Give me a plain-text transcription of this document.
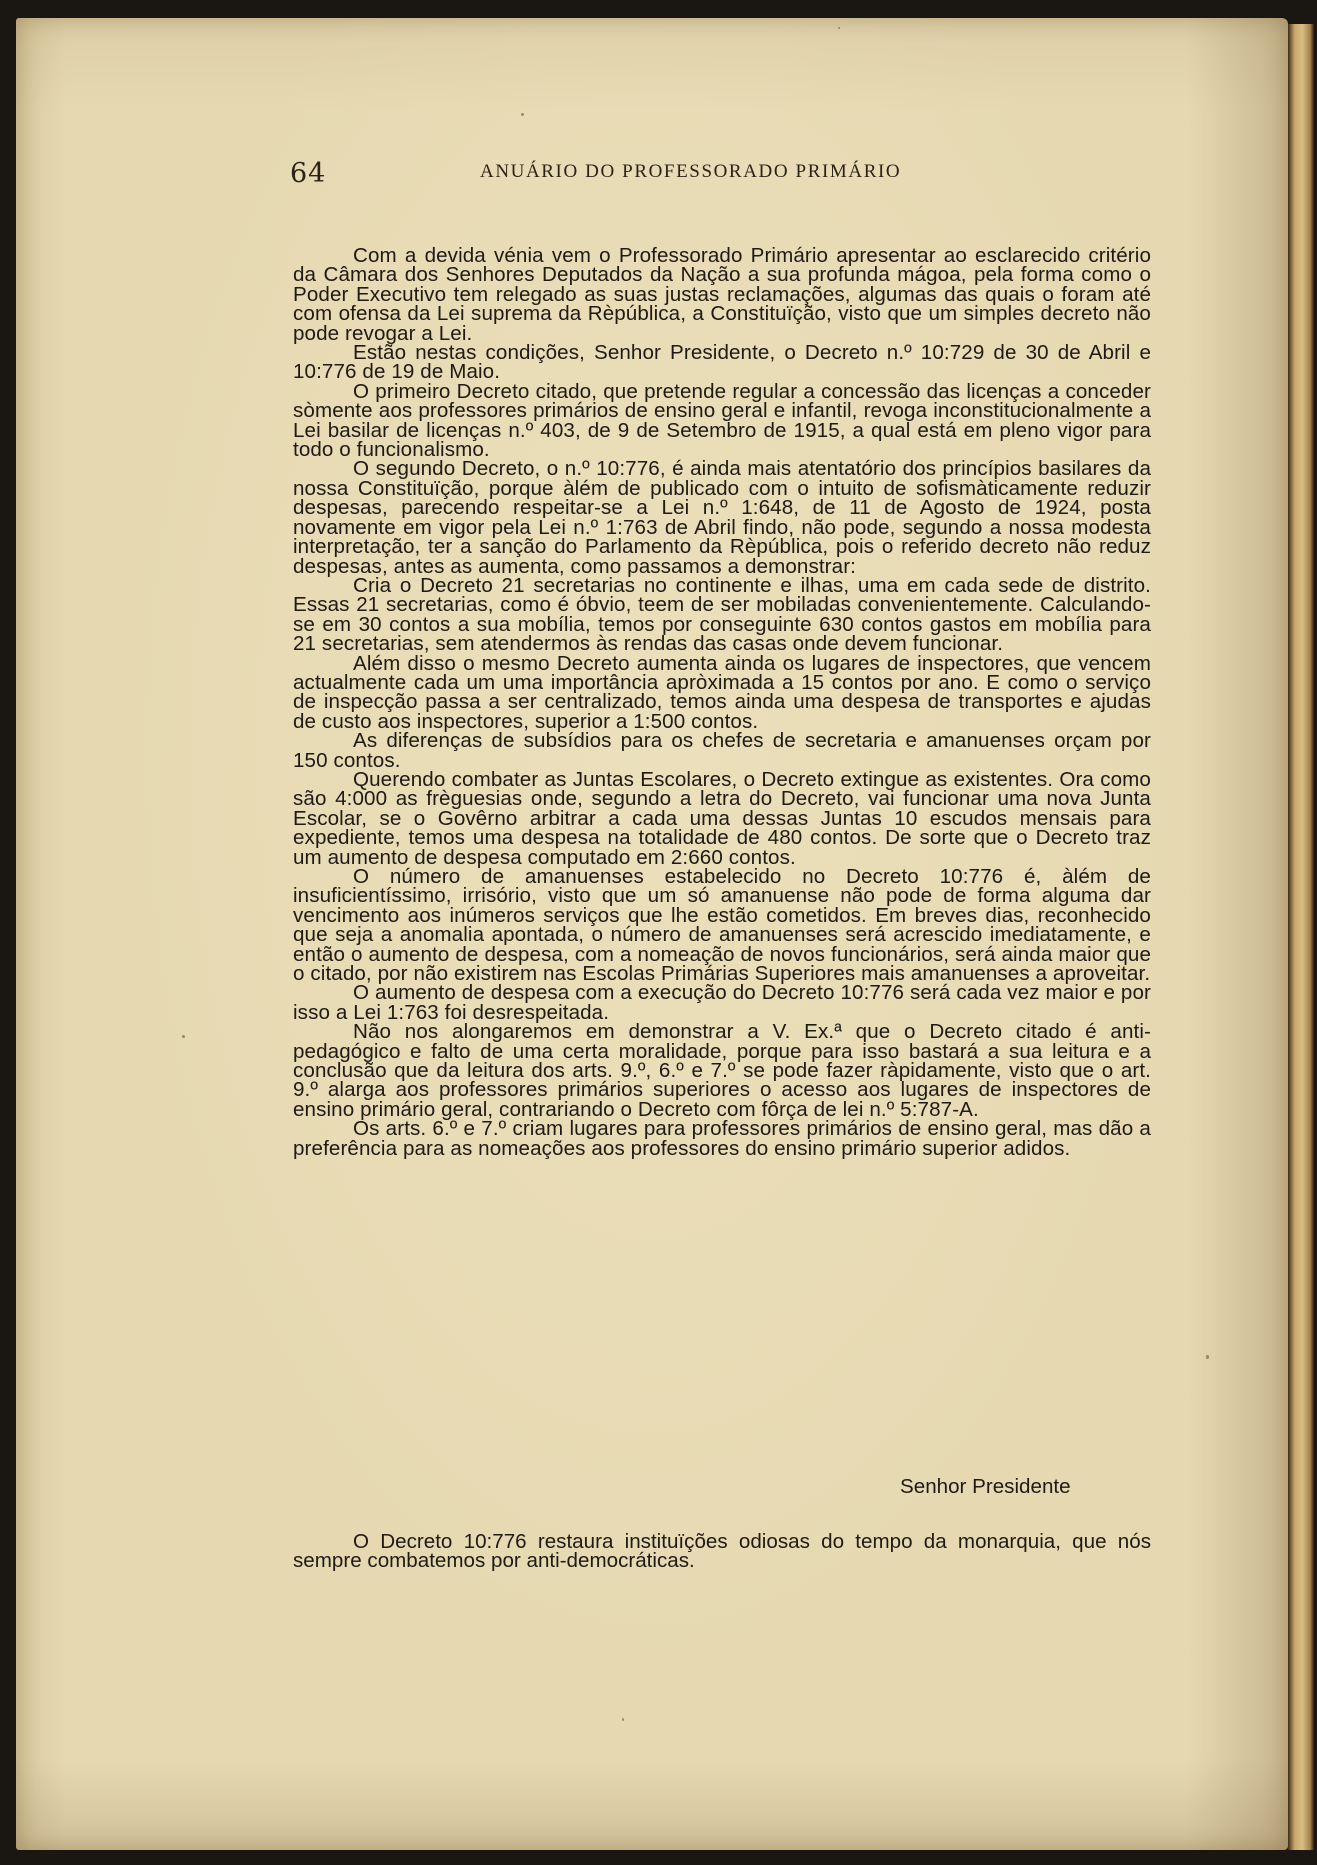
64	ANUÁRIO DO PROFESSORADO PRIMÁRIO

Com a devida vénia vem o Professorado Primário apresentar ao esclarecido critério da Câmara dos Senhores Deputados da Nação a sua profunda mágoa, pela forma como o Poder Executivo tem relegado as suas justas reclamações, algumas das quais o foram até com ofensa da Lei suprema da Rèpública, a Constituïção, visto que um simples decreto não pode revogar a Lei.

Estão nestas condições, Senhor Presidente, o Decreto n.º 10:729 de 30 de Abril e 10:776 de 19 de Maio.

O primeiro Decreto citado, que pretende regular a concessão das licenças a conceder sòmente aos professores primários de ensino geral e infantil, revoga inconstitucionalmente a Lei basilar de licenças n.º 403, de 9 de Setembro de 1915, a qual está em pleno vigor para todo o funcionalismo.

O segundo Decreto, o n.º 10:776, é ainda mais atentatório dos princípios basilares da nossa Constituïção, porque àlém de publicado com o intuito de sofismàticamente reduzir despesas, parecendo respeitar-se a Lei n.º 1:648, de 11 de Agosto de 1924, posta novamente em vigor pela Lei n.º 1:763 de Abril findo, não pode, segundo a nossa modesta interpretação, ter a sanção do Parlamento da Rèpública, pois o referido decreto não reduz despesas, antes as aumenta, como passamos a demonstrar:

Cria o Decreto 21 secretarias no continente e ilhas, uma em cada sede de distrito. Essas 21 secretarias, como é óbvio, teem de ser mobiladas convenientemente. Calculando-se em 30 contos a sua mobília, temos por conseguinte 630 contos gastos em mobília para 21 secretarias, sem atendermos às rendas das casas onde devem funcionar.

Além disso o mesmo Decreto aumenta ainda os lugares de inspectores, que vencem actualmente cada um uma importância apròximada a 15 contos por ano. E como o serviço de inspecção passa a ser centralizado, temos ainda uma despesa de transportes e ajudas de custo aos inspectores, superior a 1:500 contos.

As diferenças de subsídios para os chefes de secretaria e amanuenses orçam por 150 contos.

Querendo combater as Juntas Escolares, o Decreto extingue as existentes. Ora como são 4:000 as frèguesias onde, segundo a letra do Decreto, vai funcionar uma nova Junta Escolar, se o Govêrno arbitrar a cada uma dessas Juntas 10 escudos mensais para expediente, temos uma despesa na totalidade de 480 contos. De sorte que o Decreto traz um aumento de despesa computado em 2:660 contos.

O número de amanuenses estabelecido no Decreto 10:776 é, àlém de insuficientíssimo, irrisório, visto que um só amanuense não pode de forma alguma dar vencimento aos inúmeros serviços que lhe estão cometidos. Em breves dias, reconhecido que seja a anomalia apontada, o número de amanuenses será acrescido imediatamente, e então o aumento de despesa, com a nomeação de novos funcionários, será ainda maior que o citado, por não existirem nas Escolas Primárias Superiores mais amanuenses a aproveitar.

O aumento de despesa com a execução do Decreto 10:776 será cada vez maior e por isso a Lei 1:763 foi desrespeitada.

Não nos alongaremos em demonstrar a V. Ex.ª que o Decreto citado é anti-pedagógico e falto de uma certa moralidade, porque para isso bastará a sua leitura e a conclusão que da leitura dos arts. 9.º, 6.º e 7.º se pode fazer ràpidamente, visto que o art. 9.º alarga aos professores primários superiores o acesso aos lugares de inspectores de ensino primário geral, contrariando o Decreto com fôrça de lei n.º 5:787-A.

Os arts. 6.º e 7.º criam lugares para professores primários de ensino geral, mas dão a preferência para as nomeações aos professores do ensino primário superior adidos.

Senhor Presidente

O Decreto 10:776 restaura instituïções odiosas do tempo da monarquia, que nós sempre combatemos por anti-democráticas.
